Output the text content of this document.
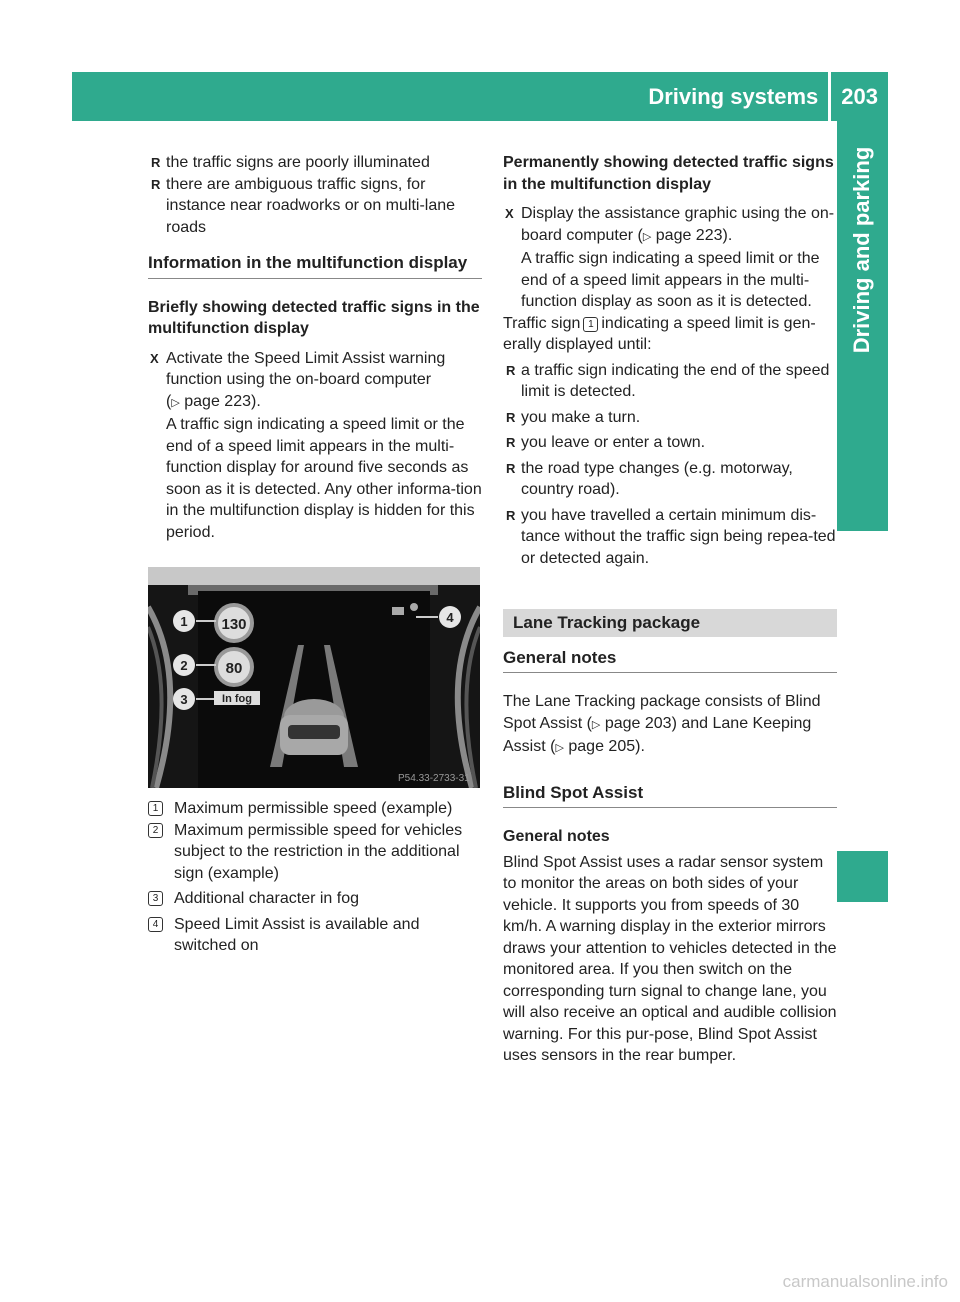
Driving systems	203
Driving and parking

R the traffic signs are poorly illuminated

R there are ambiguous traffic signs, for instance near roadworks or on multi-lane roads

Information in the multifunction display

Briefly showing detected traffic signs in the multifunction display

X Activate the Speed Limit Assist warning function using the on-board computer
(▷ page 223).
A traffic sign indicating a speed limit or the end of a speed limit appears in the multi-function display for around five seconds as soon as it is detected. Any other informa-tion in the multifunction display is hidden for this period.
130
80
In fog
1
2
3
4
P54.33-2733-31
1 Maximum permissible speed (example)
2 Maximum permissible speed for vehicles subject to the restriction in the additional sign (example)
3 Additional character in fog
4 Speed Limit Assist is available and switched on

Permanently showing detected traffic signs in the multifunction display

X Display the assistance graphic using the on-board computer (▷ page 223).
A traffic sign indicating a speed limit or the end of a speed limit appears in the multi-function display as soon as it is detected.

Traffic sign 1 indicating a speed limit is gen-erally displayed until:

R a traffic sign indicating the end of the speed limit is detected.

R you make a turn.

R you leave or enter a town.

R the road type changes (e.g. motorway, country road).

R you have travelled a certain minimum dis-tance without the traffic sign being repea-ted or detected again.

Lane Tracking package
General notes

The Lane Tracking package consists of Blind Spot Assist (▷ page 203) and Lane Keeping Assist (▷ page 205).

Blind Spot Assist

General notes

Blind Spot Assist uses a radar sensor system to monitor the areas on both sides of your vehicle. It supports you from speeds of 30 km/h. A warning display in the exterior mirrors draws your attention to vehicles detected in the monitored area. If you then switch on the corresponding turn signal to change lane, you will also receive an optical and audible collision warning. For this pur-pose, Blind Spot Assist uses sensors in the rear bumper.

carmanualsonline.info
